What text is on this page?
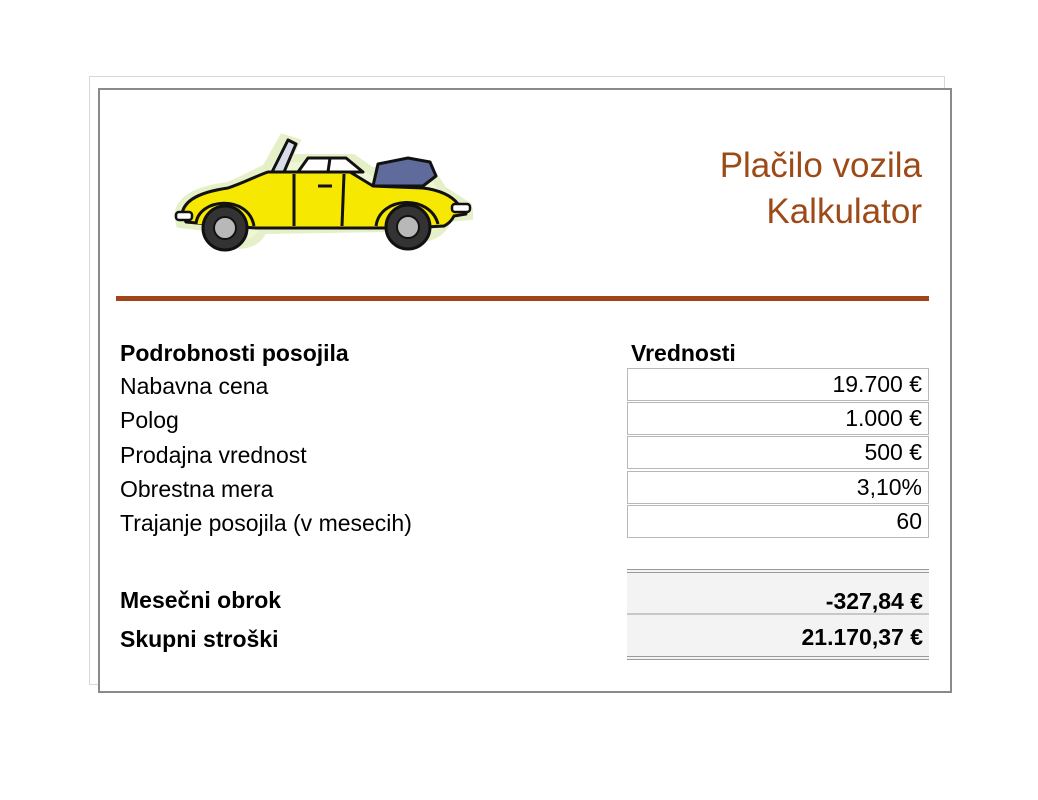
Plačilo vozila
Kalkulator
Podrobnosti posojila	Vrednosti
Nabavna cena	19.700 €
Polog	1.000 €
Prodajna vrednost	500 €
Obrestna mera	3,10%
Trajanje posojila (v mesecih)	60
Mesečni obrok	-327,84 €
Skupni stroški	21.170,37 €
